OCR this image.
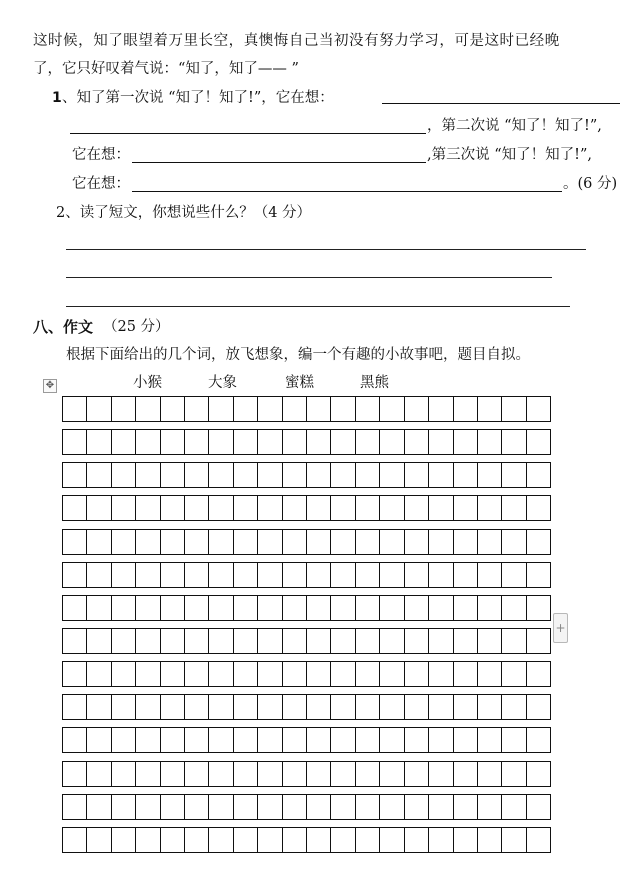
这时候，知了眼望着万里长空，真懊悔自己当初没有努力学习，可是这时已经晚
了，它只好叹着气说：“知了，知了—— ”
1 、知了第一次说 “知了！知了!”，它在想：
，第二次说 “知了！知了!”,
它在想：	,第三次说 “知了！知了!”,
它在想：	。(6 分)
2、读了短文，你想说些什么？（4 分）
八、作文 （25 分）
根据下面给出的几个词，放飞想象，编一个有趣的小故事吧，题目自拟。
小猴	大象	蜜糕	黑熊
✥
+
